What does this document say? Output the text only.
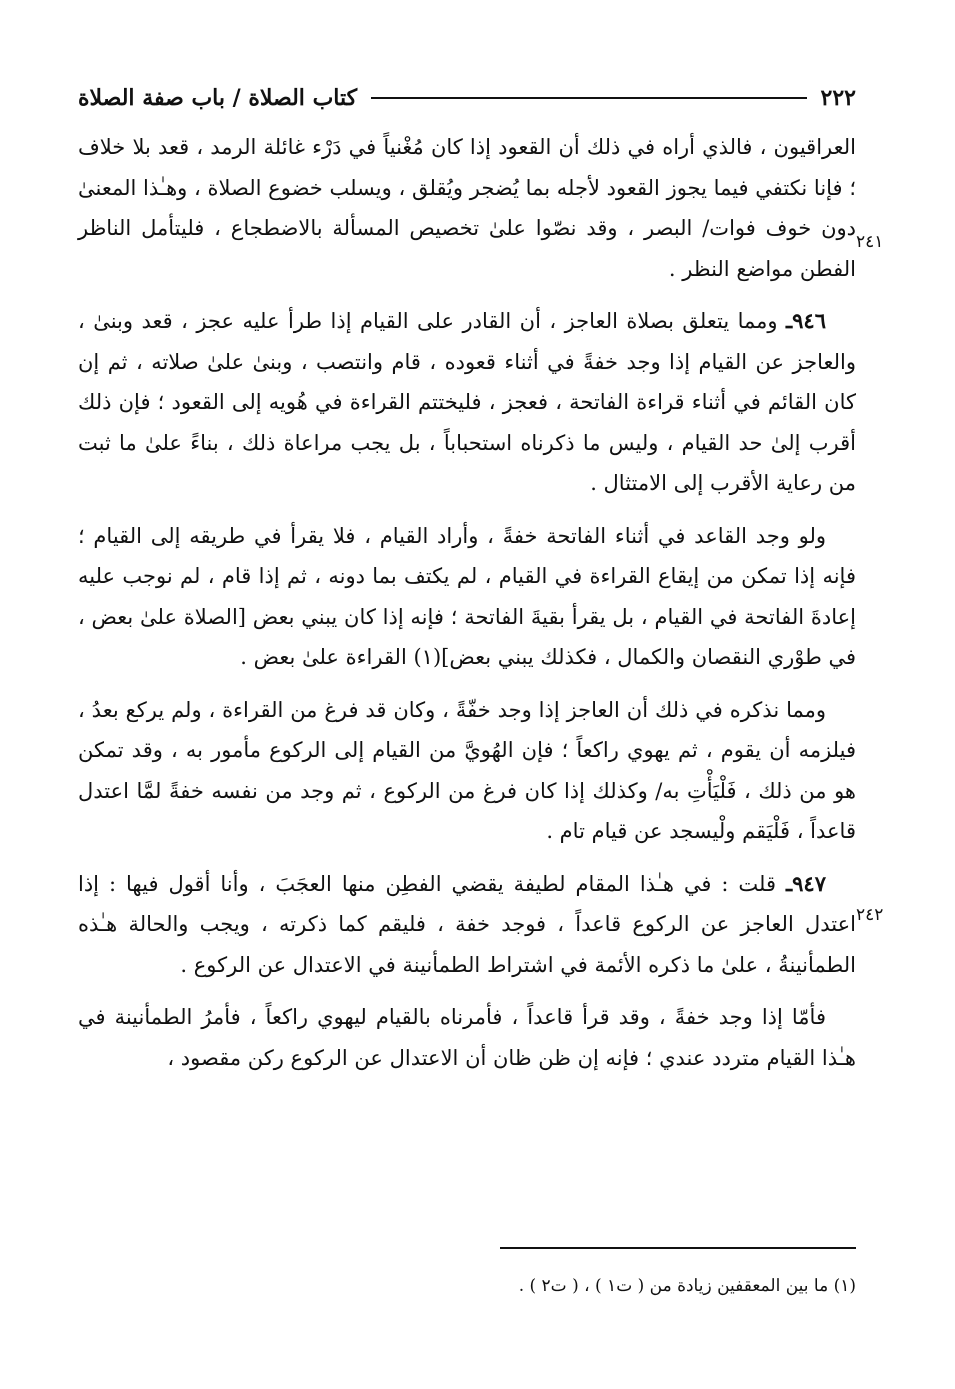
٢٢٢
كتاب الصلاة / باب صفة الصلاة
٢٤١
٢٤٢

العراقيون ، فالذي أراه في ذلك أن القعود إذا كان مُغْنياً في دَرْء غائلة الرمد ، قعد بلا خلاف ؛ فإنا نكتفي فيما يجوز القعود لأجله بما يُضجر ويُقلق ، ويسلب خضوع الصلاة ، وهـٰذا المعنىٰ دون خوف فوات/ البصر ، وقد نصّوا علىٰ تخصيص المسألة بالاضطجاع ، فليتأمل الناظر الفطن مواضع النظر .

٩٤٦ـ ومما يتعلق بصلاة العاجز ، أن القادر على القيام إذا طرأ عليه عجز ، قعد وبنىٰ ، والعاجز عن القيام إذا وجد خفةً في أثناء قعوده ، قام وانتصب ، وبنىٰ علىٰ صلاته ، ثم إن كان القائم في أثناء قراءة الفاتحة ، فعجز ، فليختتم القراءة في هُويه إلى القعود ؛ فإن ذلك أقرب إلىٰ حد القيام ، وليس ما ذكرناه استحباباً ، بل يجب مراعاة ذلك ، بناءً علىٰ ما ثبت من رعاية الأقرب إلى الامتثال .

ولو وجد القاعد في أثناء الفاتحة خفةً ، وأراد القيام ، فلا يقرأ في طريقه إلى القيام ؛ فإنه إذا تمكن من إيقاع القراءة في القيام ، لم يكتف بما دونه ، ثم إذا قام ، لم نوجب عليه إعادةَ الفاتحة في القيام ، بل يقرأ بقيةَ الفاتحة ؛ فإنه إذا كان يبني بعض [الصلاة علىٰ بعض ، في طوْري النقصان والكمال ، فكذلك يبني بعض](١) القراءة علىٰ بعض .

ومما نذكره في ذلك أن العاجز إذا وجد خفّةً ، وكان قد فرغ من القراءة ، ولم يركع بعدُ ، فيلزمه أن يقوم ، ثم يهوي راكعاً ؛ فإن الهُويَّ من القيام إلى الركوع مأمور به ، وقد تمكن هو من ذلك ، فَلْيَأْتِ به/ وكذلك إذا كان فرغ من الركوع ، ثم وجد من نفسه خفةً لمَّا اعتدل قاعداً ، فَلْيَقم ولْيسجد عن قيام تام .

٩٤٧ـ قلت : في هـٰذا المقام لطيفة يقضي الفطِن منها العجَبَ ، وأنا أقول فيها : إذا اعتدل العاجز عن الركوع قاعداً ، فوجد خفة ، فليقم كما ذكرته ، ويجب والحالة هـٰذه الطمأنينةُ ، علىٰ ما ذكره الأئمة في اشتراط الطمأنينة في الاعتدال عن الركوع .

فأمّا إذا وجد خفةً ، وقد قرأ قاعداً ، فأمرناه بالقيام ليهوي راكعاً ، فأمرُ الطمأنينة في هـٰذا القيام متردد عندي ؛ فإنه إن ظن ظان أن الاعتدال عن الركوع ركن مقصود ،

(١) ما بين المعقفين زيادة من ( ت١ ) ، ( ت٢ ) .
